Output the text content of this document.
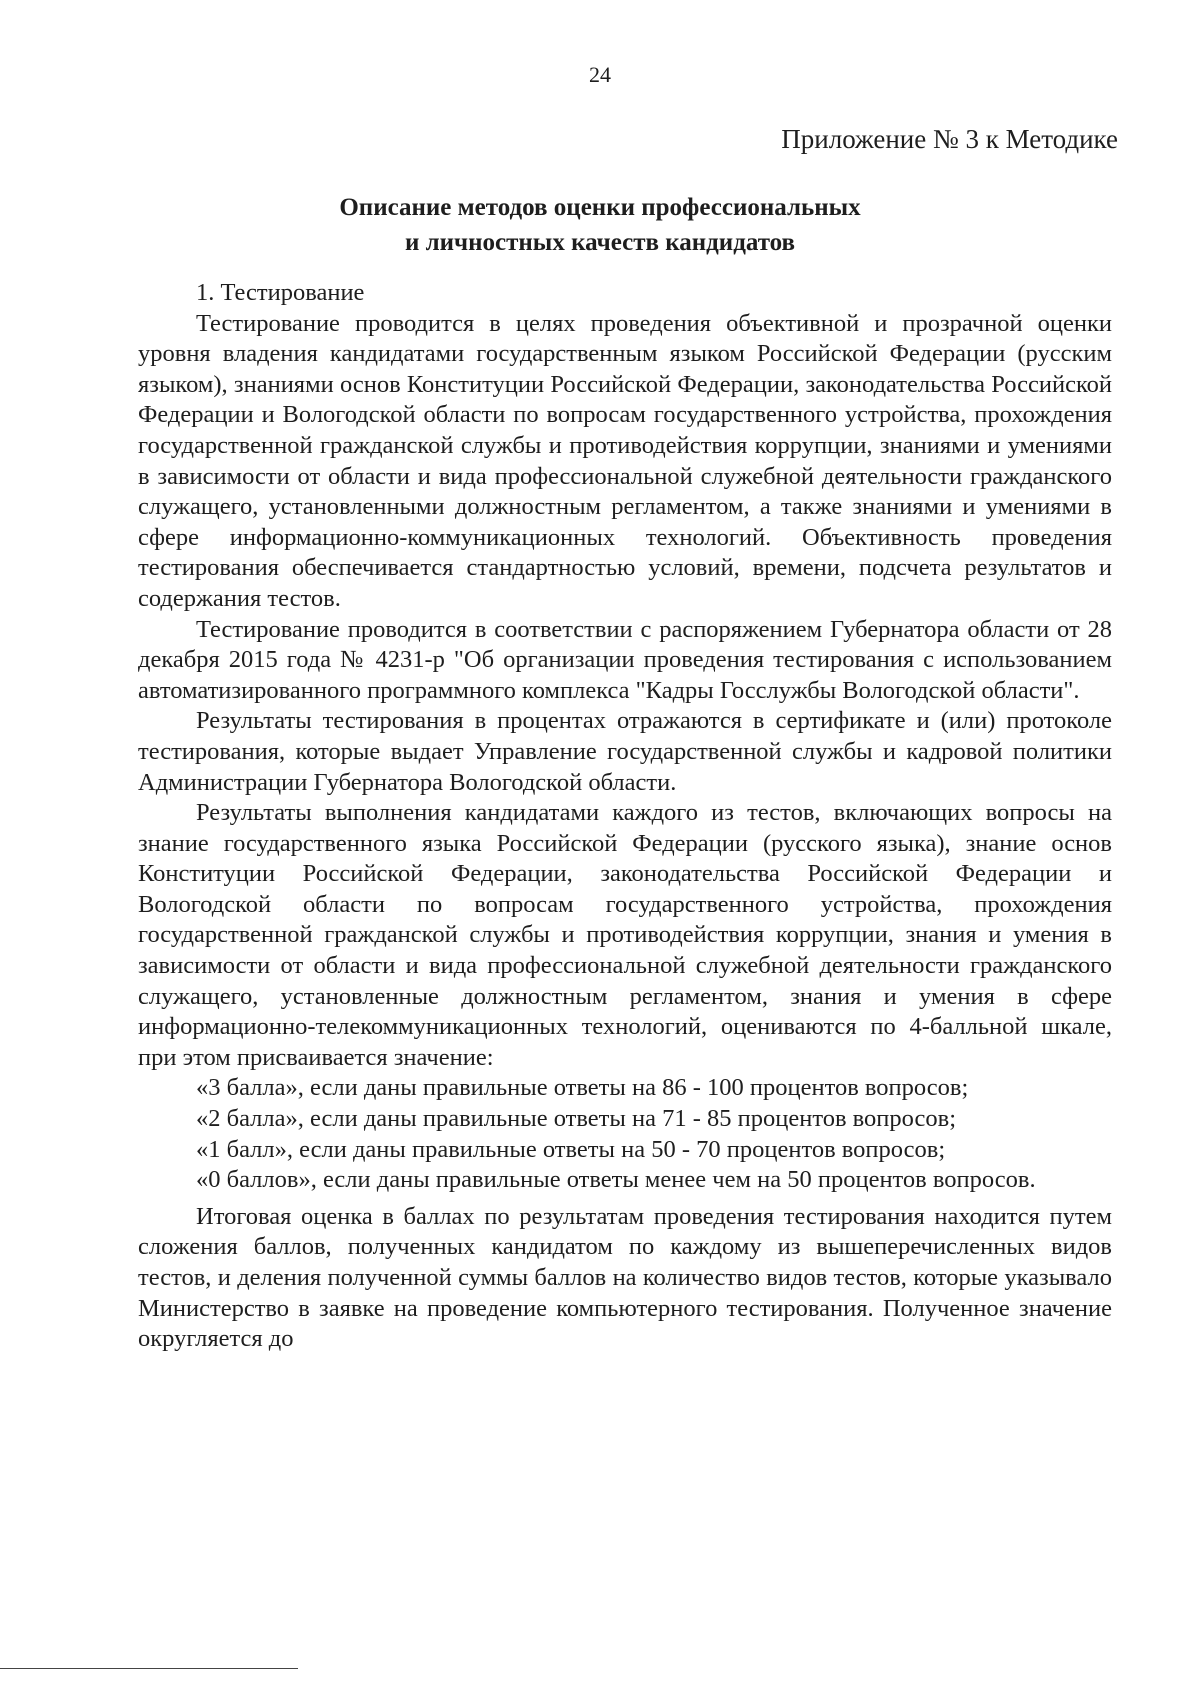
24
Приложение № 3 к Методике
Описание методов оценки профессиональных
и личностных качеств кандидатов

1. Тестирование

Тестирование проводится в целях проведения объективной и прозрачной оценки уровня владения кандидатами государственным языком Российской Федерации (русским языком), знаниями основ Конституции Российской Федерации, законодательства Российской Федерации и Вологодской области по вопросам государственного устройства, прохождения государственной гражданской службы и противодействия коррупции, знаниями и умениями в зависимости от области и вида профессиональной служебной деятельности гражданского служащего, установленными должностным регламентом, а также знаниями и умениями в сфере информационно-коммуникационных технологий. Объективность проведения тестирования обеспечивается стандартностью условий, времени, подсчета результатов и содержания тестов.

Тестирование проводится в соответствии с распоряжением Губернатора области от 28 декабря 2015 года № 4231-р "Об организации проведения тестирования с использованием автоматизированного программного комплекса "Кадры Госслужбы Вологодской области".

Результаты тестирования в процентах отражаются в сертификате и (или) протоколе тестирования, которые выдает Управление государственной службы и кадровой политики Администрации Губернатора Вологодской области.

Результаты выполнения кандидатами каждого из тестов, включающих вопросы на знание государственного языка Российской Федерации (русского языка), знание основ Конституции Российской Федерации, законодательства Российской Федерации и Вологодской области по вопросам государственного устройства, прохождения государственной гражданской службы и противодействия коррупции, знания и умения в зависимости от области и вида профессиональной служебной деятельности гражданского служащего, установленные должностным регламентом, знания и умения в сфере информационно-телекоммуникационных технологий, оцениваются по 4-балльной шкале, при этом присваивается значение:

«3 балла», если даны правильные ответы на 86 - 100 процентов вопросов;

«2 балла», если даны правильные ответы на 71 - 85 процентов вопросов;

«1 балл», если даны правильные ответы на 50 - 70 процентов вопросов;

«0 баллов», если даны правильные ответы менее чем на 50 процентов вопросов.

Итоговая оценка в баллах по результатам проведения тестирования находится путем сложения баллов, полученных кандидатом по каждому из вышеперечисленных видов тестов, и деления полученной суммы баллов на количество видов тестов, которые указывало Министерство в заявке на проведение компьютерного тестирования. Полученное значение округляется до
